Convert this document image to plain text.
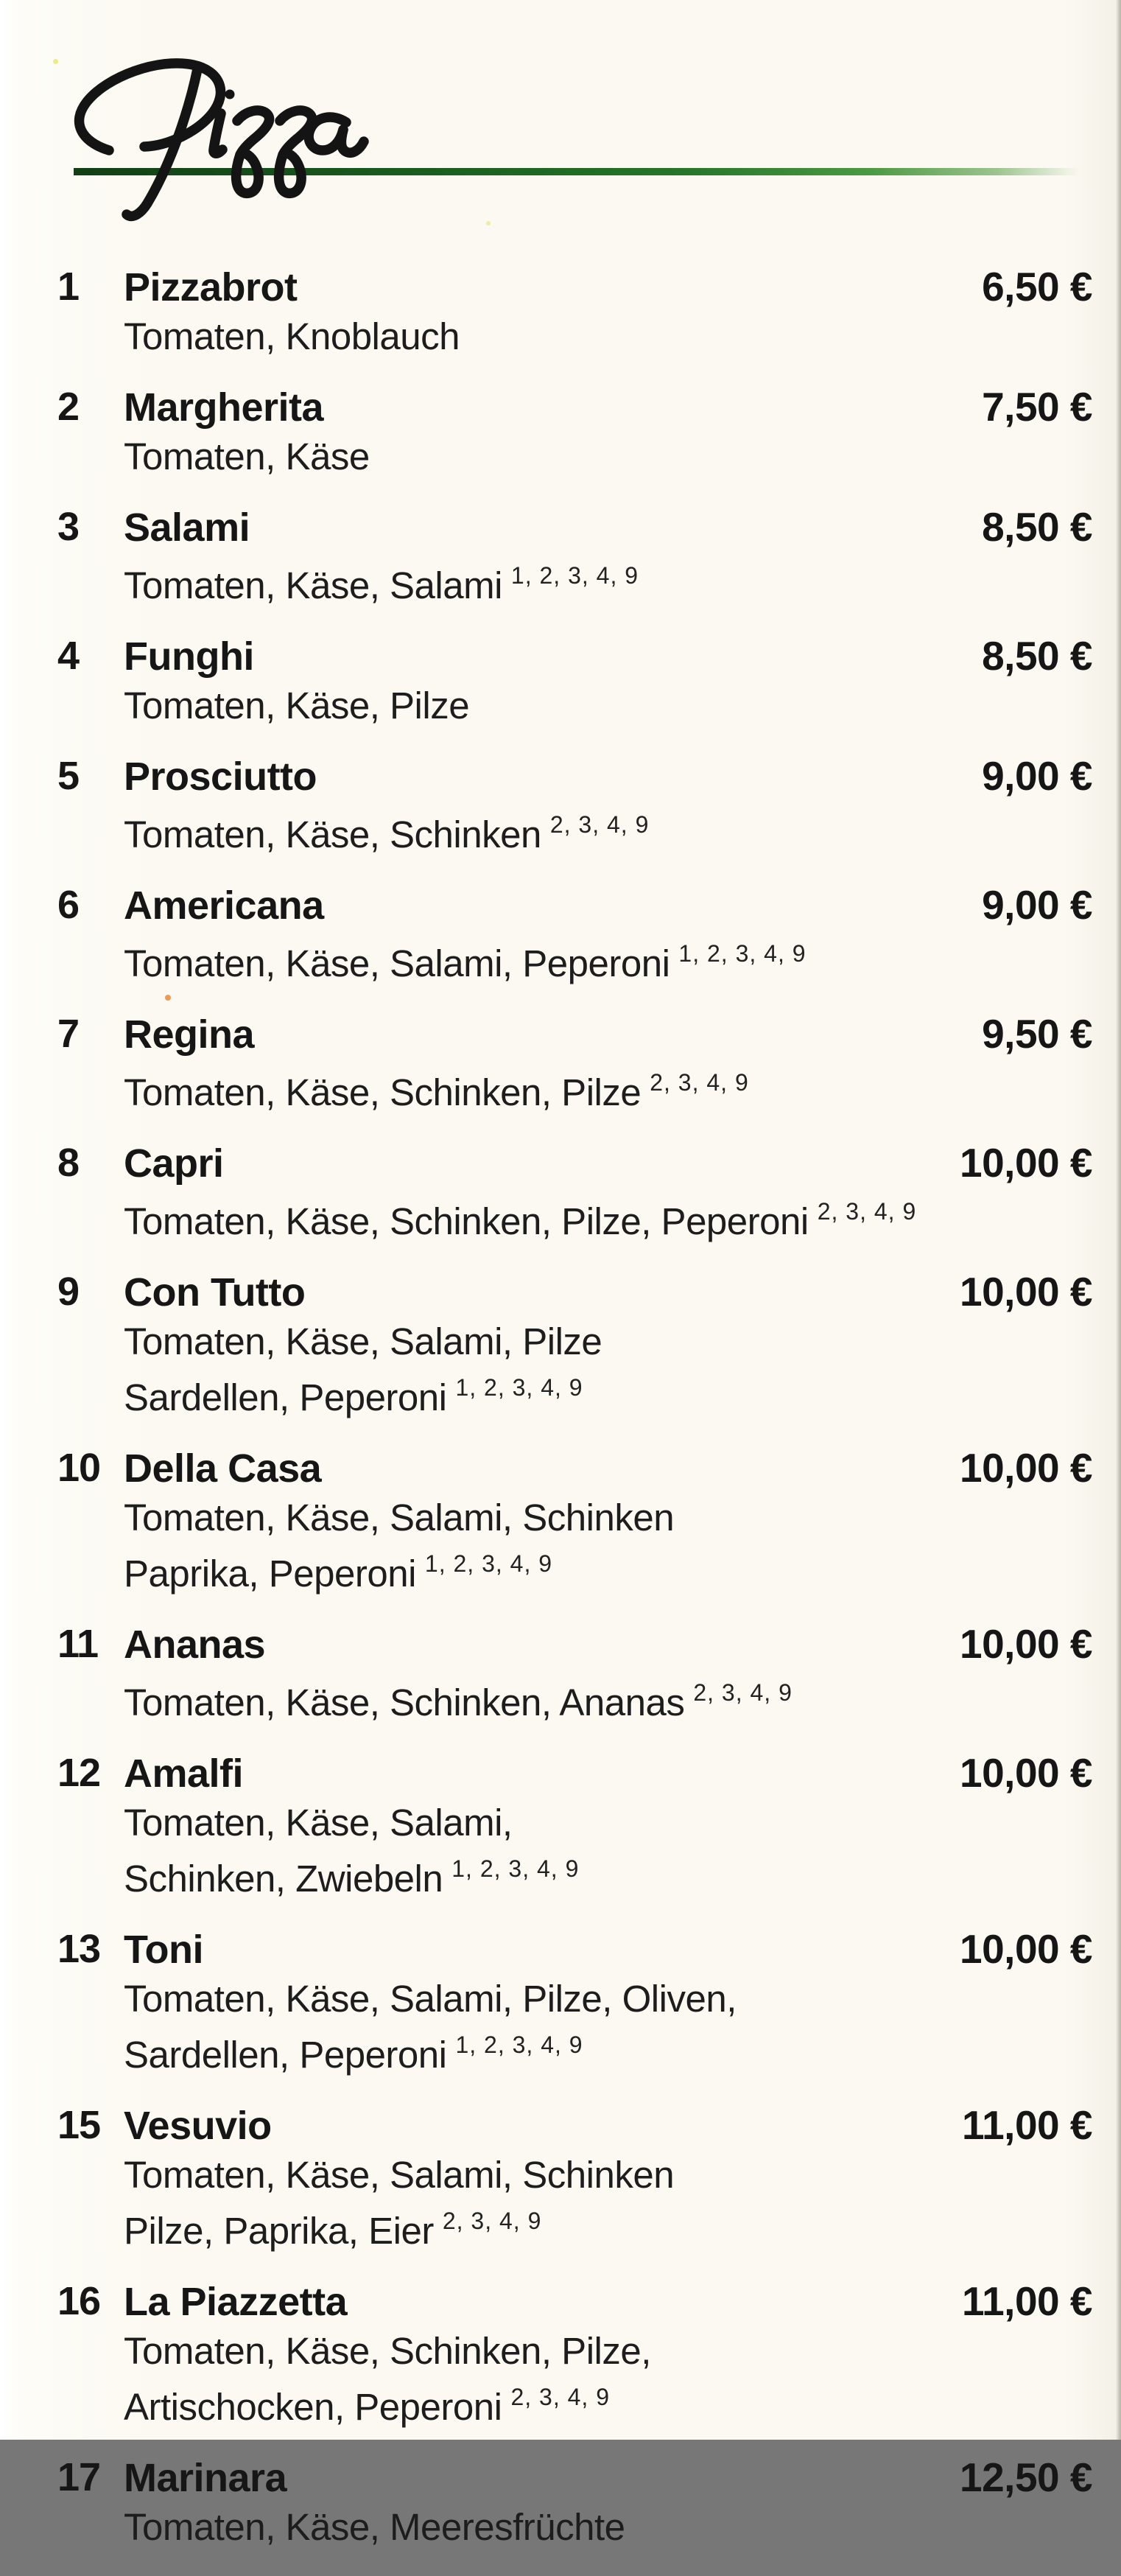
1	Pizzabrot	6,50 €
Tomaten, Knoblauch
2	Margherita	7,50 €
Tomaten, Käse
3	Salami	8,50 €
Tomaten, Käse, Salami $^{1, 2, 3, 4, 9}$
4	Funghi	8,50 €
Tomaten, Käse, Pilze
5	Prosciutto	9,00 €
Tomaten, Käse, Schinken $^{2, 3, 4, 9}$
6	Americana	9,00 €
Tomaten, Käse, Salami, Peperoni $^{1, 2, 3, 4, 9}$
7	Regina	9,50 €
Tomaten, Käse, Schinken, Pilze $^{2, 3, 4, 9}$
8	Capri	10,00 €
Tomaten, Käse, Schinken, Pilze, Peperoni $^{2, 3, 4, 9}$
9	Con Tutto	10,00 €
Tomaten, Käse, Salami, Pilze
Sardellen, Peperoni $^{1, 2, 3, 4, 9}$
10 Della Casa	10,00 €
Tomaten, Käse, Salami, Schinken
Paprika, Peperoni $^{1, 2, 3, 4, 9}$
11 Ananas	10,00 €
Tomaten, Käse, Schinken, Ananas $^{2, 3, 4, 9}$
12 Amalfi	10,00 €
Tomaten, Käse, Salami,
Schinken, Zwiebeln $^{1, 2, 3, 4, 9}$
13 Toni	10,00 €
Tomaten, Käse, Salami, Pilze, Oliven,
Sardellen, Peperoni $^{1, 2, 3, 4, 9}$
15 Vesuvio	11,00 €
Tomaten, Käse, Salami, Schinken
Pilze, Paprika, Eier $^{2, 3, 4, 9}$
16 La Piazzetta	11,00 €
Tomaten, Käse, Schinken, Pilze,
Artischocken, Peperoni $^{2, 3, 4, 9}$
17 Marinara	12,50 €
Tomaten, Käse, Meeresfrüchte
